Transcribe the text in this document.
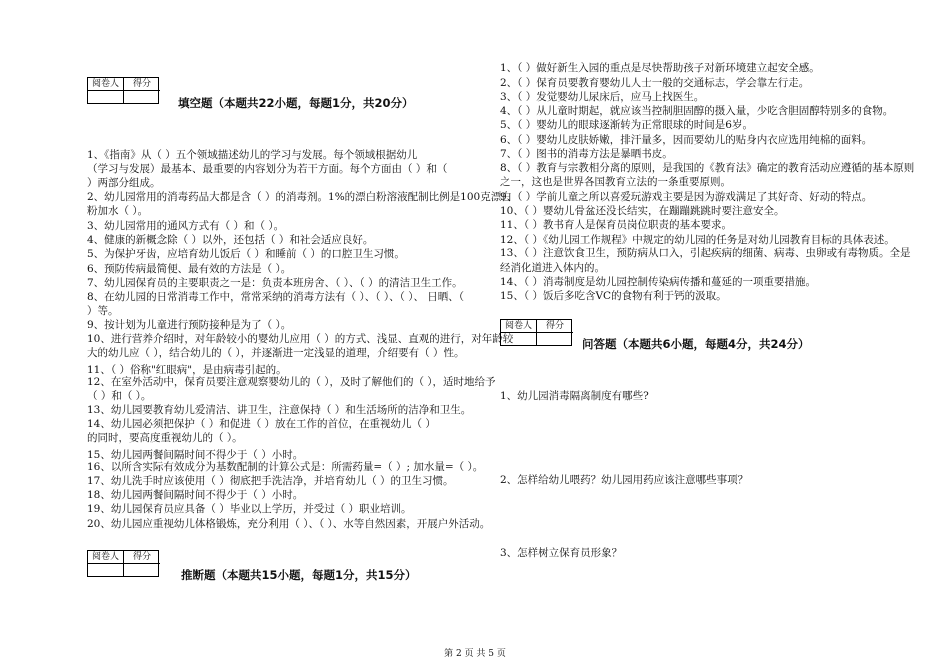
阅卷人	得分
填空题（本题共22小题，每题1分，共20分）
1、《指南》从（ ）五个领域描述幼儿的学习与发展。每个领域根据幼儿
（学习与发展）最基本、最重要的内容划分为若干方面。每个方面由（ ）和（
）两部分组成。
2、幼儿园常用的消毒药品大都是含（ ）的消毒剂。1%的漂白粉溶液配制比例是100克漂白
粉加水（ ）。
3、幼儿园常用的通风方式有（ ）和（ ）。
4、健康的新概念除（ ）以外，还包括（ ）和社会适应良好。
5、为保护牙齿，应培育幼儿饭后（ ）和睡前（ ）的口腔卫生习惯。
6、预防传病最简便、最有效的方法是（ ）。
7、幼儿园保育员的主要职责之一是：负责本班房舍、（ ）、（ ）的清洁卫生工作。
8、在幼儿园的日常消毒工作中，常常采纳的消毒方法有（ ）、（ ）、（ ）、 日晒、（
）等。
9、按计划为儿童进行预防接种是为了（ ）。
10、进行营养介绍时，对年龄较小的婴幼儿应用（ ）的方式、浅显、直观的进行，对年龄较
大的幼儿应（ ），结合幼儿的（ ），并逐渐进一定浅显的道理，介绍要有（ ）性。
11、（ ）俗称"红眼病"，是由病毒引起的。
12、在室外活动中，保育员要注意观察婴幼儿的（ ），及时了解他们的（ ），适时地给予
（ ）和（ ）。
13、幼儿园要教育幼儿爱清洁、讲卫生，注意保持（ ）和生活场所的洁净和卫生。
14、幼儿园必须把保护（ ）和促进（ ）放在工作的首位，在重视幼儿（ ）
的同时，要高度重视幼儿的（ ）。
15、幼儿园两餐间隔时间不得少于（ ）小时。
16、以所含实际有效成分为基数配制的计算公式是：所需药量=（ ）; 加水量=（ ）。
17、幼儿洗手时应该使用（ ）彻底把手洗洁净，并培育幼儿（ ）的卫生习惯。
18、幼儿园两餐间隔时间不得少于（ ）小时。
19、幼儿园保育员应具备（ ）毕业以上学历，并受过（ ）职业培训。
20、幼儿园应重视幼儿体格锻炼，充分利用（ ）、（ ）、水等自然因素，开展户外活动。
阅卷人	得分
推断题（本题共15小题，每题1分，共15分）
1、（ ）做好新生入园的重点是尽快帮助孩子对新环境建立起安全感。
2、（ ）保育员要教育婴幼儿人士一般的交通标志，学会靠左行走。
3、（ ）发觉婴幼儿尿床后，应马上找医生。
4、（ ）从儿童时期起，就应该当控制胆固醇的摄入量，少吃含胆固醇特别多的食物。
5、（ ）婴幼儿的眼球逐渐转为正常眼球的时间是6岁。
6、（ ）婴幼儿皮肤娇嫩，排汗量多，因而要幼儿的贴身内衣应选用纯棉的面料。
7、（ ）图书的消毒方法是暴晒书皮。
8、（ ）教育与宗教相分离的原则，是我国的《教育法》确定的教育活动应遵循的基本原则
之一，这也是世界各国教育立法的一条重要原则。
9、（ ）学前儿童之所以喜爱玩游戏主要是因为游戏满足了其好奇、好动的特点。
10、（ ）婴幼儿骨盆还没长结实，在蹦蹦跳跳时要注意安全。
11、（ ）教书育人是保育员岗位职责的基本要求。
12、（ ）《幼儿园工作规程》中规定的幼儿园的任务是对幼儿园教育目标的具体表述。
13、（ ）注意饮食卫生，预防病从口入，引起疾病的细菌、病毒、虫卵或有毒物质。全是
经消化道进入体内的。
14、（ ）消毒制度是幼儿园控制传染病传播和蔓延的一项重要措施。
15、（ ）饭后多吃含VC的食物有利于钙的汲取。
阅卷人	得分
问答题（本题共6小题，每题4分，共24分）
1、幼儿园消毒隔离制度有哪些?
2、怎样给幼儿喂药？幼儿园用药应该注意哪些事项？
3、怎样树立保育员形象？
第 2 页 共 5 页
